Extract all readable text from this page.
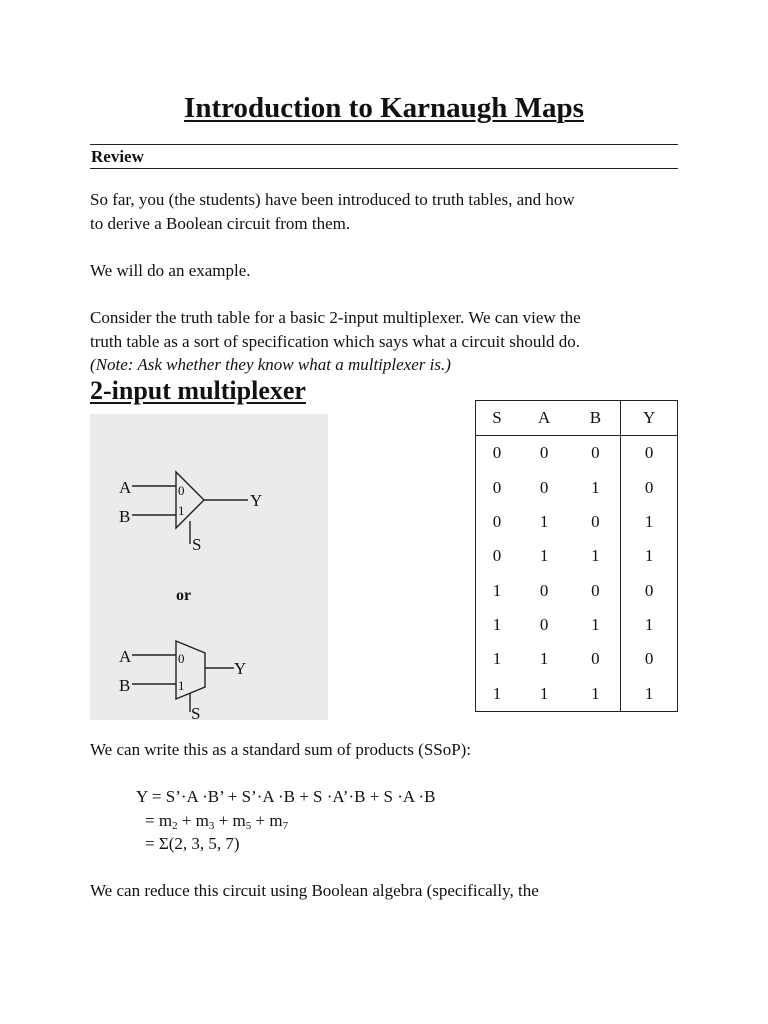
Introduction to Karnaugh Maps
Review
So far, you (the students) have been introduced to truth tables, and how
to derive a Boolean circuit from them.
We will do an example.
Consider the truth table for a basic 2-input multiplexer. We can view the
truth table as a sort of specification which says what a circuit should do.
(Note: Ask whether they know what a multiplexer is.)
2-input multiplexer
A
B
0
1
Y
S
or
A
B
0
1
Y
S
S	A	B	Y
0	0	0	0
0	0	1	0
0	1	0	1
0	1	1	1
1	0	0	0
1	0	1	1
1	1	0	0
1	1	1	1
We can write this as a standard sum of products (SSoP):
Y = S’·A ·B’ + S’·A ·B + S ·A’·B + S ·A ·B
= $m_2 + m_3 + m_5 + m_7$
= Σ(2, 3, 5, 7)
We can reduce this circuit using Boolean algebra (specifically, the
